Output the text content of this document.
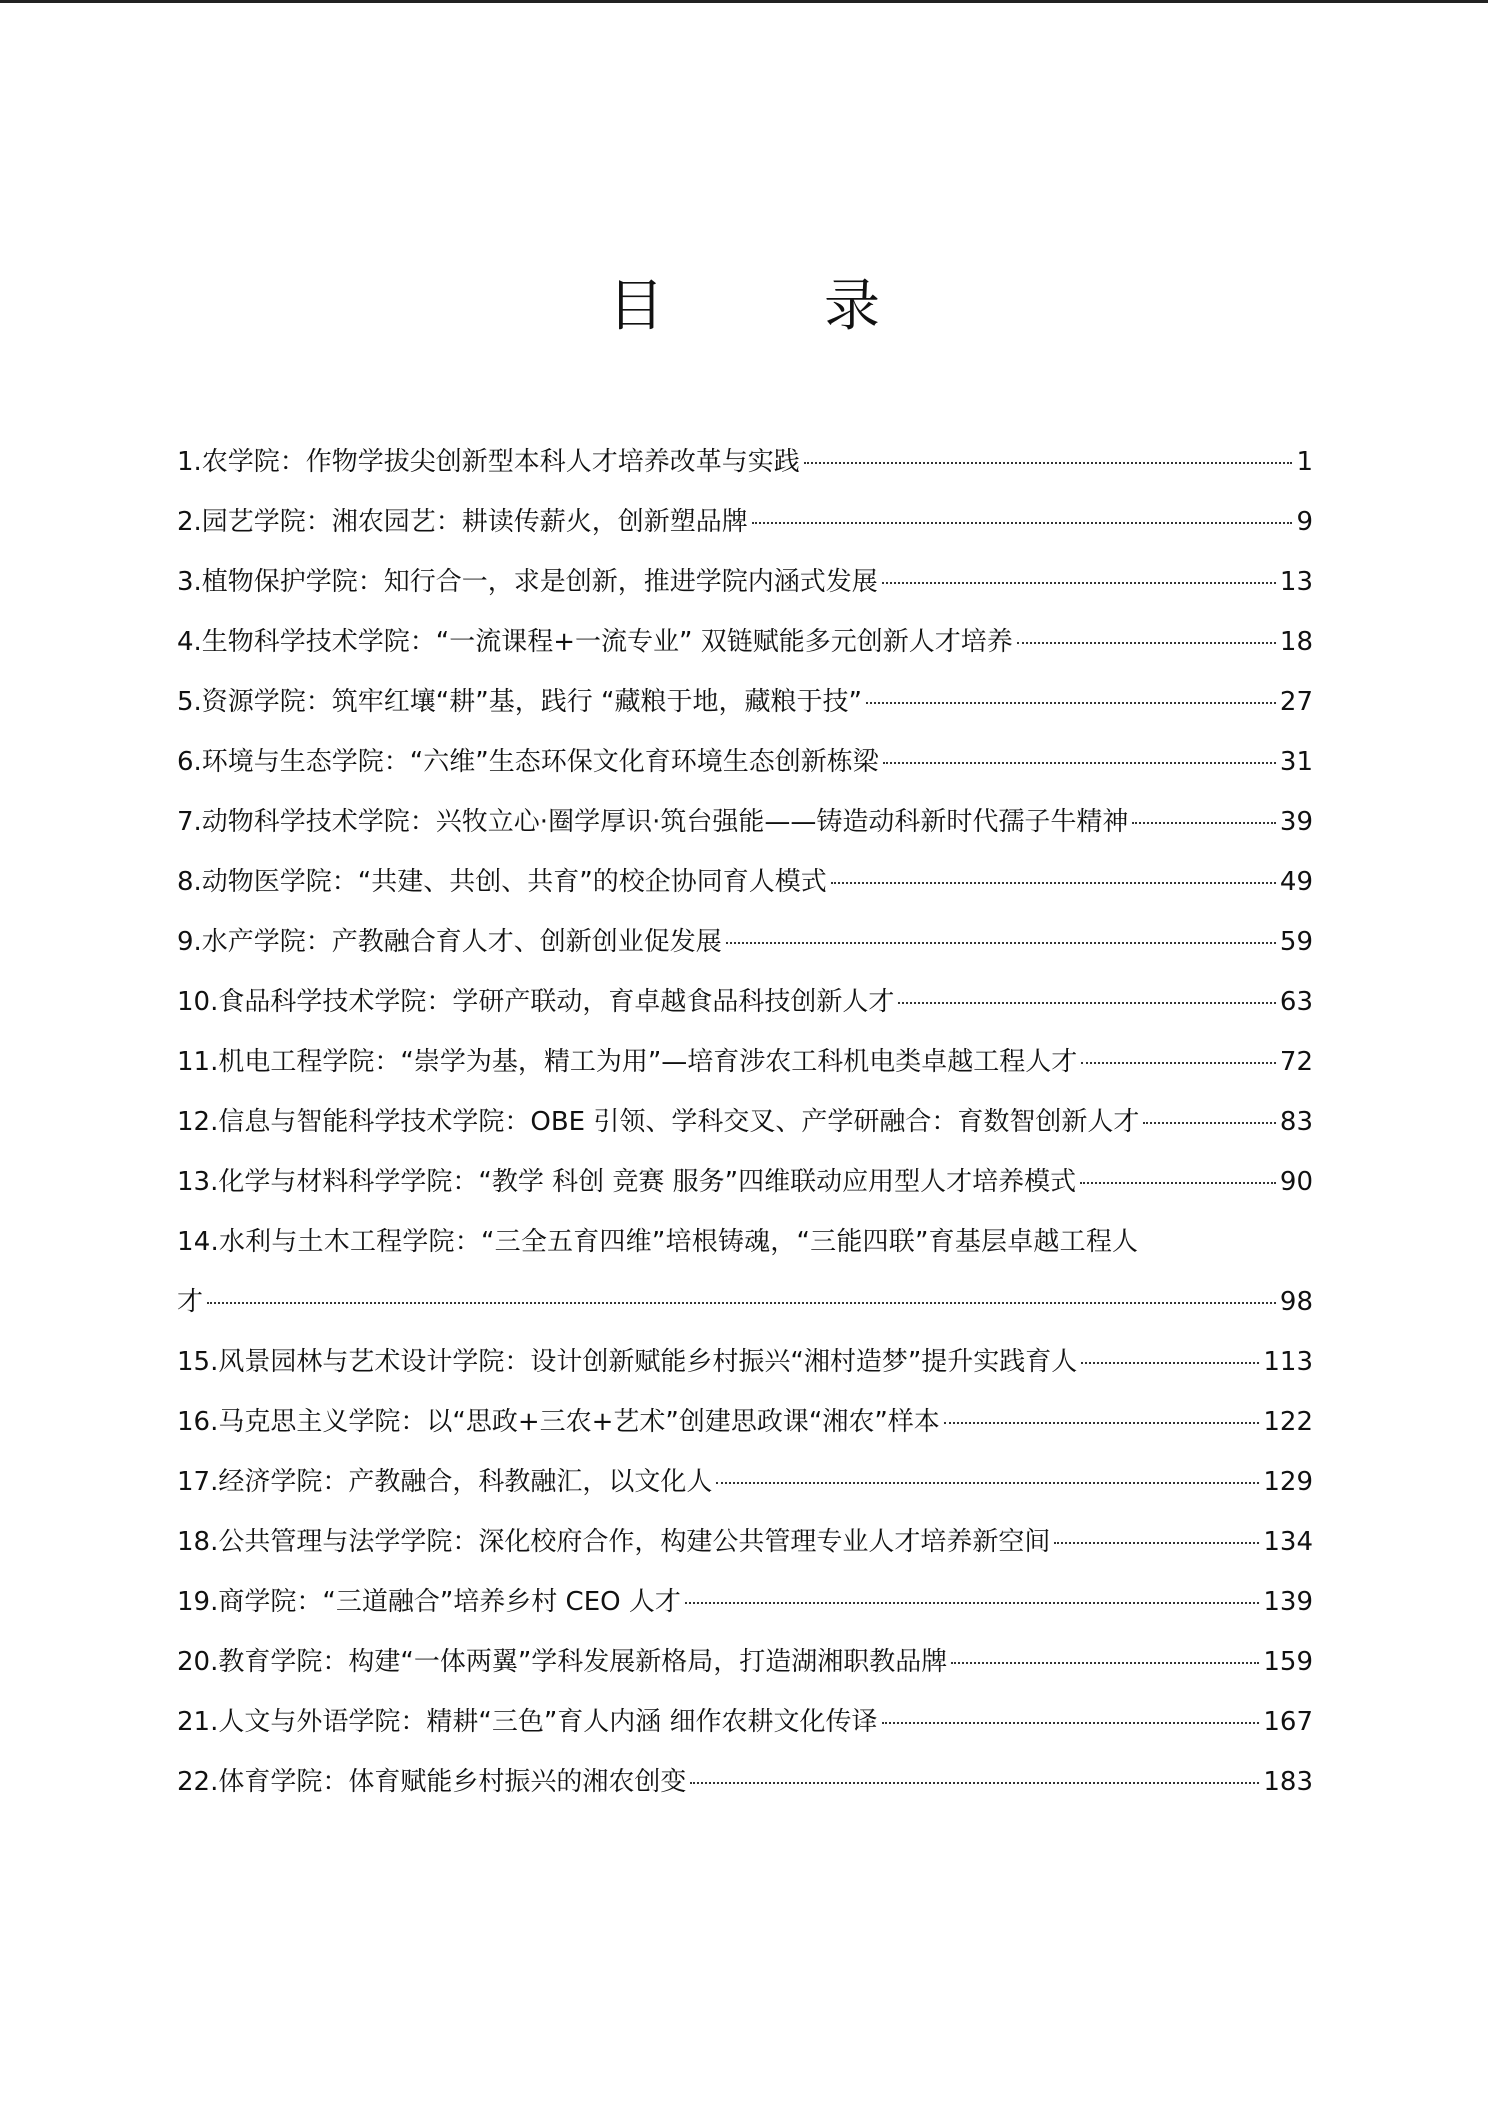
目　录
1.农学院：作物学拔尖创新型本科人才培养改革与实践	1
2.园艺学院：湘农园艺：耕读传薪火，创新塑品牌	9
3.植物保护学院：知行合一，求是创新，推进学院内涵式发展	13
4.生物科学技术学院：“一流课程+一流专业” 双链赋能多元创新人才培养	18
5.资源学院：筑牢红壤“耕”基，践行 “藏粮于地，藏粮于技”	27
6.环境与生态学院：“六维”生态环保文化育环境生态创新栋梁	31
7.动物科学技术学院：兴牧立心·圈学厚识·筑台强能——铸造动科新时代孺子牛精神	39
8.动物医学院：“共建、共创、共育”的校企协同育人模式	49
9.水产学院：产教融合育人才、创新创业促发展	59
10.食品科学技术学院：学研产联动，育卓越食品科技创新人才	63
11.机电工程学院：“崇学为基，精工为用”—培育涉农工科机电类卓越工程人才	72
12.信息与智能科学技术学院：OBE 引领、学科交叉、产学研融合：育数智创新人才	83
13.化学与材料科学学院：“教学 科创 竞赛 服务”四维联动应用型人才培养模式	90
14.水利与土木工程学院：“三全五育四维”培根铸魂，“三能四联”育基层卓越工程人
才	98
15.风景园林与艺术设计学院：设计创新赋能乡村振兴“湘村造梦”提升实践育人	113
16.马克思主义学院：以“思政+三农+艺术”创建思政课“湘农”样本	122
17.经济学院：产教融合，科教融汇，以文化人	129
18.公共管理与法学学院：深化校府合作，构建公共管理专业人才培养新空间	134
19.商学院：“三道融合”培养乡村 CEO 人才	139
20.教育学院：构建“一体两翼”学科发展新格局，打造湖湘职教品牌	159
21.人文与外语学院：精耕“三色”育人内涵 细作农耕文化传译	167
22.体育学院：体育赋能乡村振兴的湘农创变	183
